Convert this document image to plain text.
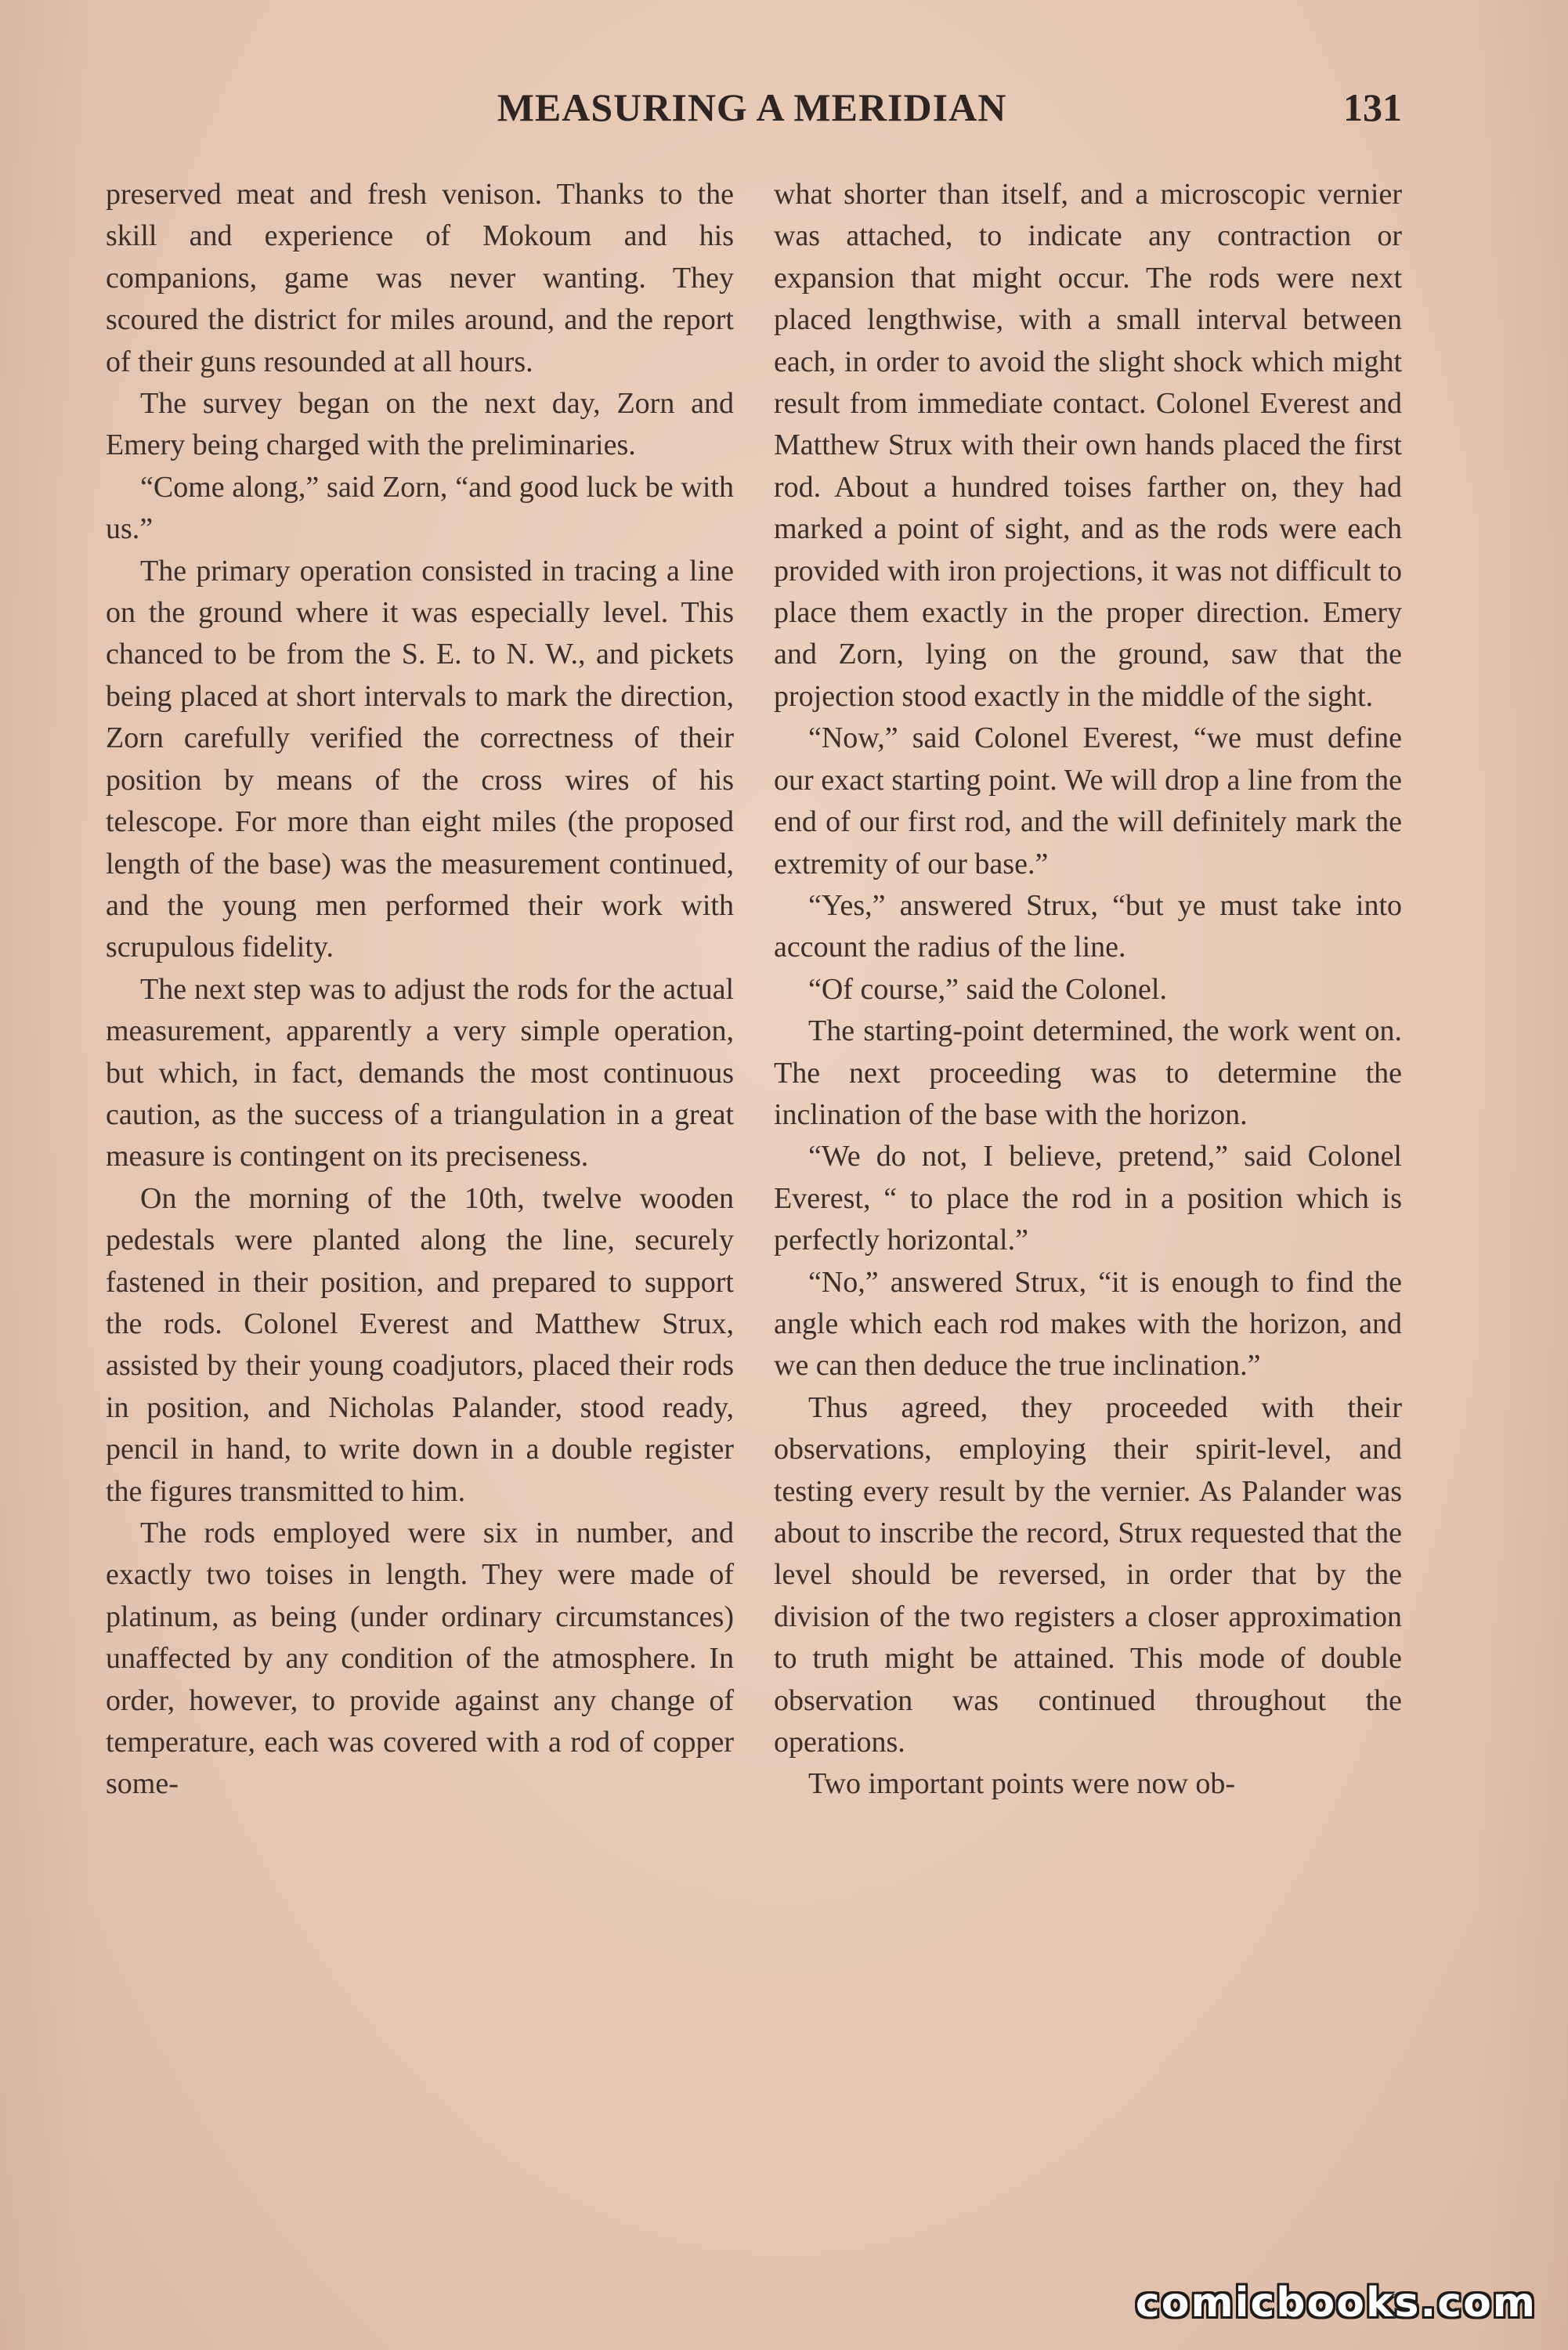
MEASURING A MERIDIAN	131

preserved meat and fresh venison. Thanks to the skill and experience of Mokoum and his companions, game was never wanting. They scoured the district for miles around, and the report of their guns resounded at all hours.

The survey began on the next day, Zorn and Emery being charged with the preliminaries.

“Come along,” said Zorn, “and good luck be with us.”

The primary operation consisted in tracing a line on the ground where it was especially level. This chanced to be from the S. E. to N. W., and pickets being placed at short intervals to mark the direction, Zorn carefully verified the correctness of their position by means of the cross wires of his telescope. For more than eight miles (the proposed length of the base) was the measurement continued, and the young men performed their work with scrupulous fidelity.

The next step was to adjust the rods for the actual measurement, apparently a very simple operation, but which, in fact, demands the most continuous caution, as the success of a triangulation in a great measure is contingent on its preciseness.

On the morning of the 10th, twelve wooden pedestals were planted along the line, securely fastened in their position, and prepared to support the rods. Colonel Everest and Matthew Strux, assisted by their young coadjutors, placed their rods in position, and Nicholas Palander, stood ready, pencil in hand, to write down in a double register the figures transmitted to him.

The rods employed were six in number, and exactly two toises in length. They were made of platinum, as being (under ordinary circumstances) unaffected by any condition of the atmosphere. In order, however, to provide against any change of temperature, each was covered with a rod of copper some-

what shorter than itself, and a microscopic vernier was attached, to indicate any contraction or expansion that might occur. The rods were next placed lengthwise, with a small interval between each, in order to avoid the slight shock which might result from immediate contact. Colonel Everest and Matthew Strux with their own hands placed the first rod. About a hundred toises farther on, they had marked a point of sight, and as the rods were each provided with iron projections, it was not difficult to place them exactly in the proper direction. Emery and Zorn, lying on the ground, saw that the projection stood exactly in the middle of the sight.

“Now,” said Colonel Everest, “we must define our exact starting point. We will drop a line from the end of our first rod, and the will definitely mark the extremity of our base.”

“Yes,” answered Strux, “but ye must take into account the radius of the line.

“Of course,” said the Colonel.

The starting-point determined, the work went on. The next proceeding was to determine the inclination of the base with the horizon.

“We do not, I believe, pretend,” said Colonel Everest, “ to place the rod in a position which is perfectly horizontal.”

“No,” answered Strux, “it is enough to find the angle which each rod makes with the horizon, and we can then deduce the true inclination.”

Thus agreed, they proceeded with their observations, employing their spirit-level, and testing every result by the vernier. As Palander was about to inscribe the record, Strux requested that the level should be reversed, in order that by the division of the two registers a closer approximation to truth might be attained. This mode of double observation was continued throughout the operations.

Two important points were now ob-

comicbooks.com
